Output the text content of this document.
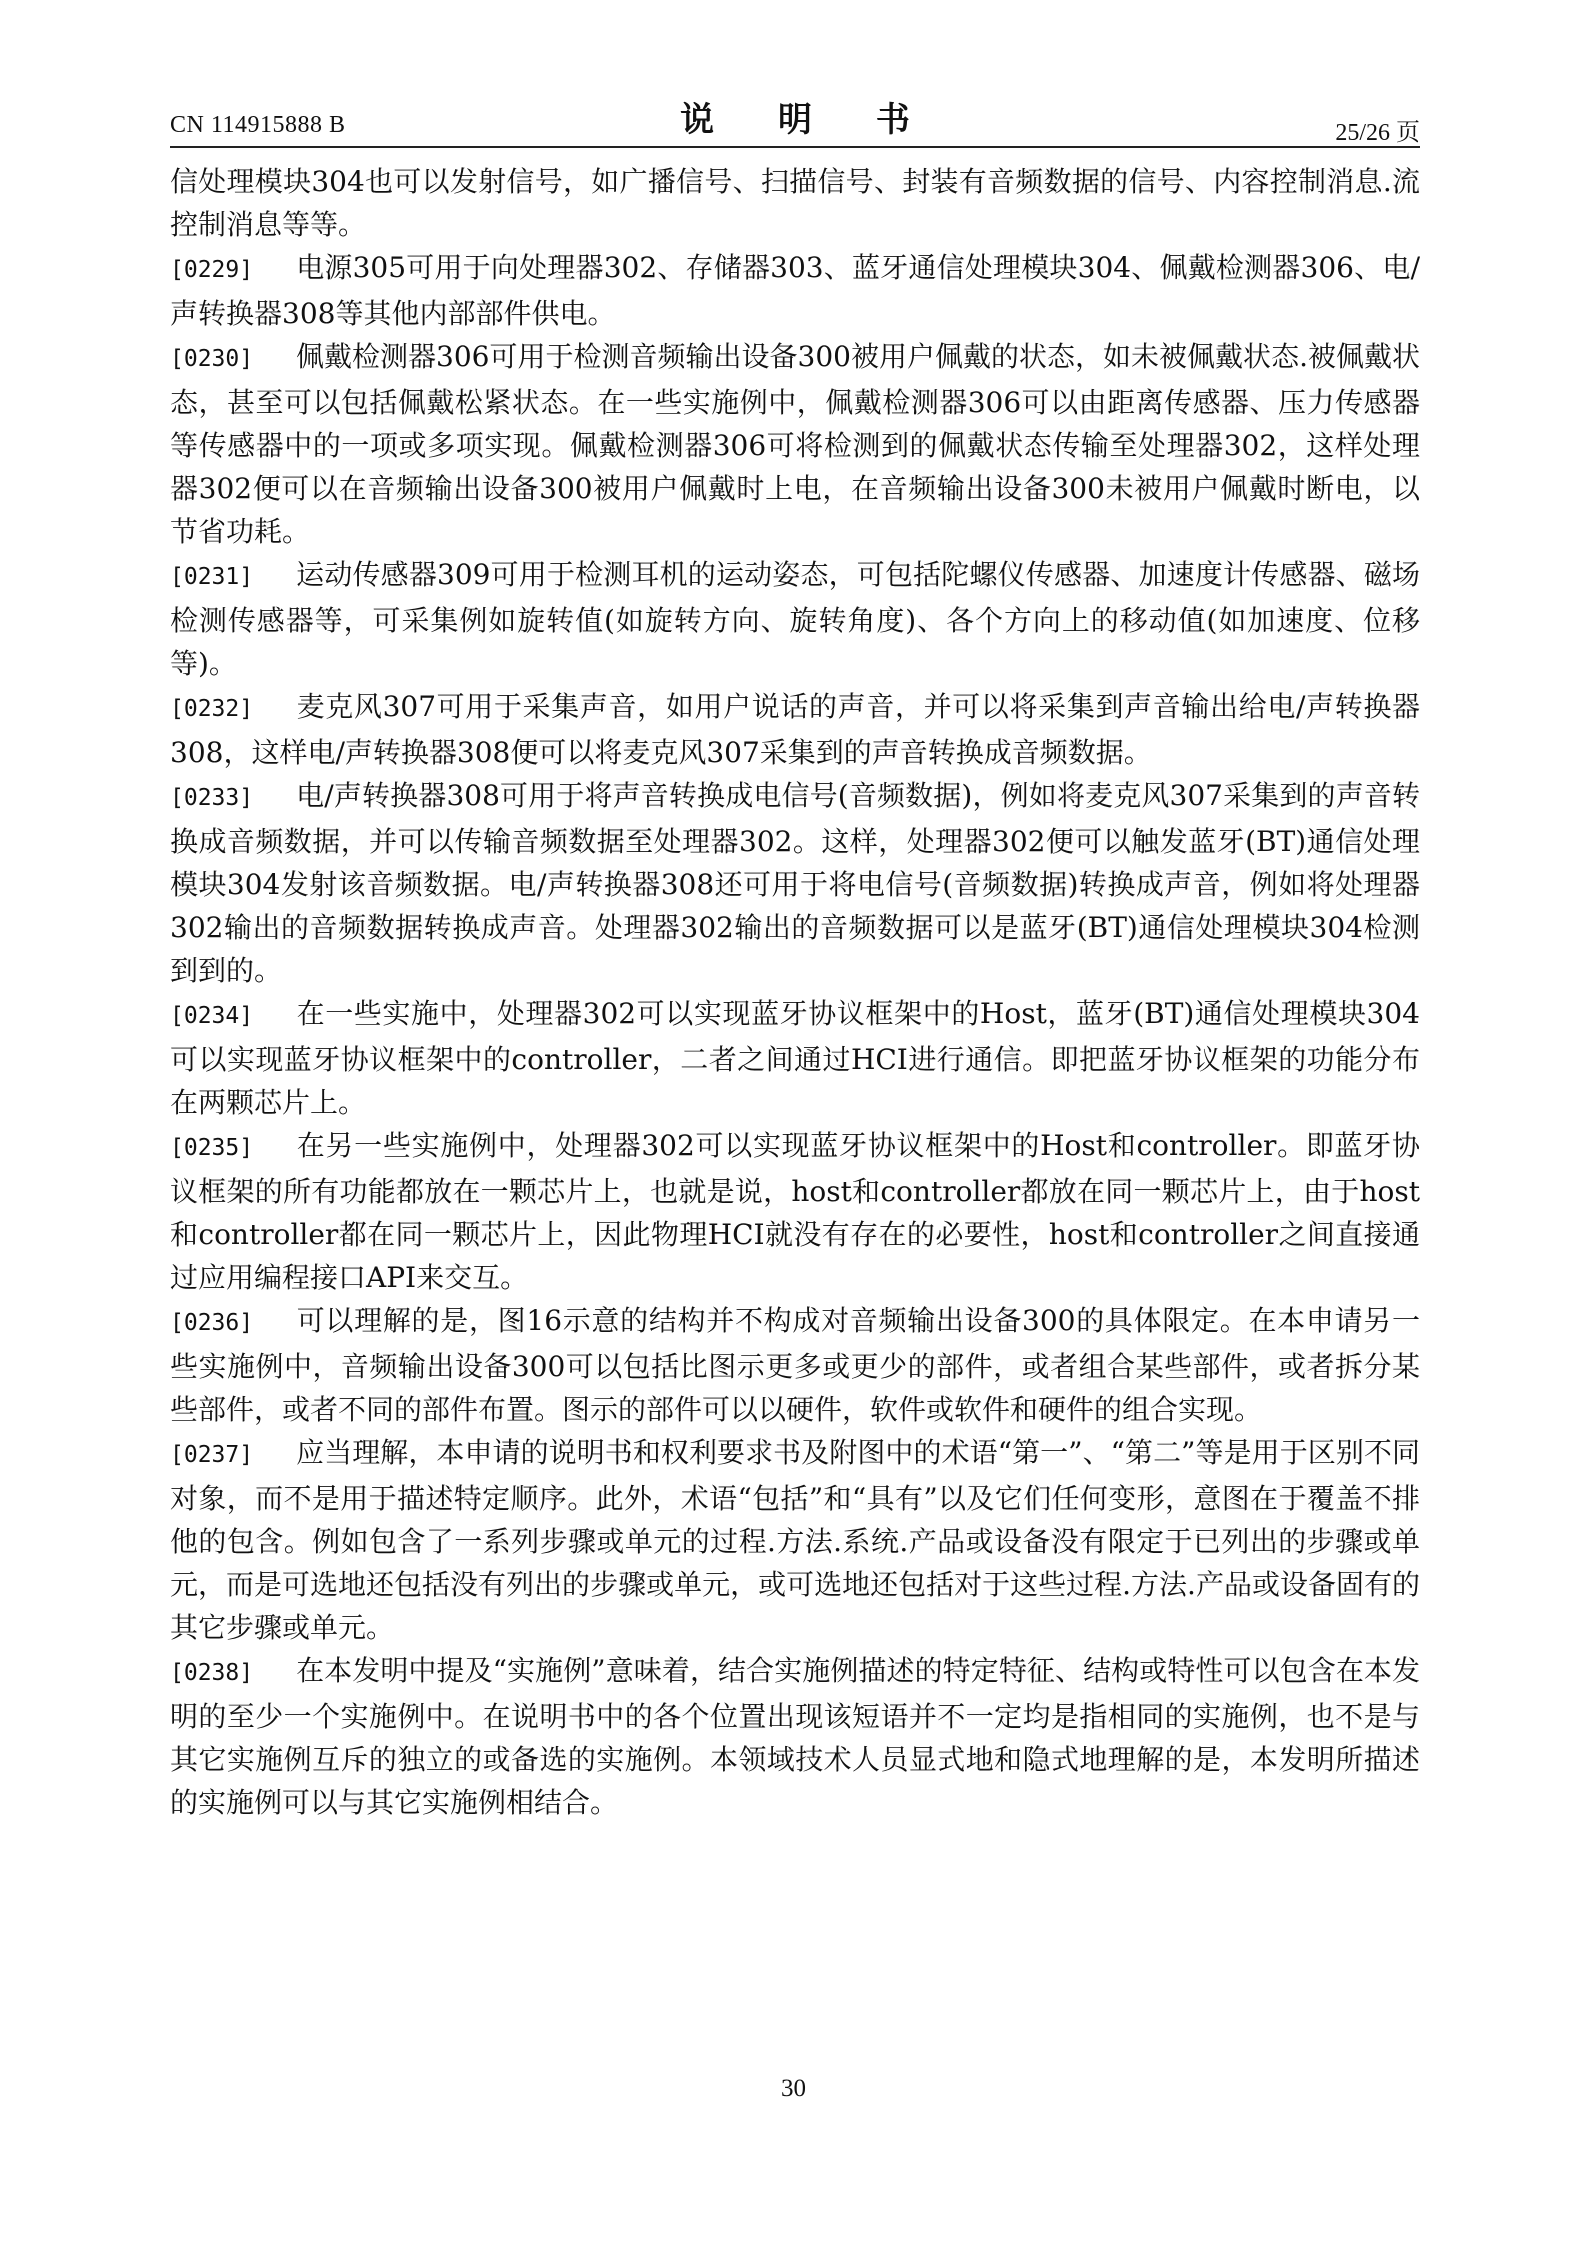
CN 114915888 B	说 明 书	25/26 页

信处理模块304也可以发射信号，如广播信号、扫描信号、封装有音频数据的信号、内容控制消息.流控制消息等等。

[0229] 电源305可用于向处理器302、存储器303、蓝牙通信处理模块304、佩戴检测器306、电/声转换器308等其他内部部件供电。

[0230] 佩戴检测器306可用于检测音频输出设备300被用户佩戴的状态，如未被佩戴状态.被佩戴状态，甚至可以包括佩戴松紧状态。在一些实施例中，佩戴检测器306可以由距离传感器、压力传感器等传感器中的一项或多项实现。佩戴检测器306可将检测到的佩戴状态传输至处理器302，这样处理器302便可以在音频输出设备300被用户佩戴时上电，在音频输出设备300未被用户佩戴时断电，以节省功耗。

[0231] 运动传感器309可用于检测耳机的运动姿态，可包括陀螺仪传感器、加速度计传感器、磁场检测传感器等，可采集例如旋转值(如旋转方向、旋转角度)、各个方向上的移动值(如加速度、位移等)。

[0232] 麦克风307可用于采集声音，如用户说话的声音，并可以将采集到声音输出给电/声转换器308，这样电/声转换器308便可以将麦克风307采集到的声音转换成音频数据。

[0233] 电/声转换器308可用于将声音转换成电信号(音频数据)，例如将麦克风307采集到的声音转换成音频数据，并可以传输音频数据至处理器302。这样，处理器302便可以触发蓝牙(BT)通信处理模块304发射该音频数据。电/声转换器308还可用于将电信号(音频数据)转换成声音，例如将处理器302输出的音频数据转换成声音。处理器302输出的音频数据可以是蓝牙(BT)通信处理模块304检测到到的。

[0234] 在一些实施中，处理器302可以实现蓝牙协议框架中的Host，蓝牙(BT)通信处理模块304可以实现蓝牙协议框架中的controller，二者之间通过HCI进行通信。即把蓝牙协议框架的功能分布在两颗芯片上。

[0235] 在另一些实施例中，处理器302可以实现蓝牙协议框架中的Host和controller。即蓝牙协议框架的所有功能都放在一颗芯片上，也就是说，host和controller都放在同一颗芯片上，由于host和controller都在同一颗芯片上，因此物理HCI就没有存在的必要性，host和controller之间直接通过应用编程接口API来交互。

[0236] 可以理解的是，图16示意的结构并不构成对音频输出设备300的具体限定。在本申请另一些实施例中，音频输出设备300可以包括比图示更多或更少的部件，或者组合某些部件，或者拆分某些部件，或者不同的部件布置。图示的部件可以以硬件，软件或软件和硬件的组合实现。

[0237] 应当理解，本申请的说明书和权利要求书及附图中的术语“第一”、“第二”等是用于区别不同对象，而不是用于描述特定顺序。此外，术语“包括”和“具有”以及它们任何变形，意图在于覆盖不排他的包含。例如包含了一系列步骤或单元的过程.方法.系统.产品或设备没有限定于已列出的步骤或单元，而是可选地还包括没有列出的步骤或单元，或可选地还包括对于这些过程.方法.产品或设备固有的其它步骤或单元。

[0238] 在本发明中提及“实施例”意味着，结合实施例描述的特定特征、结构或特性可以包含在本发明的至少一个实施例中。在说明书中的各个位置出现该短语并不一定均是指相同的实施例，也不是与其它实施例互斥的独立的或备选的实施例。本领域技术人员显式地和隐式地理解的是，本发明所描述的实施例可以与其它实施例相结合。

30
